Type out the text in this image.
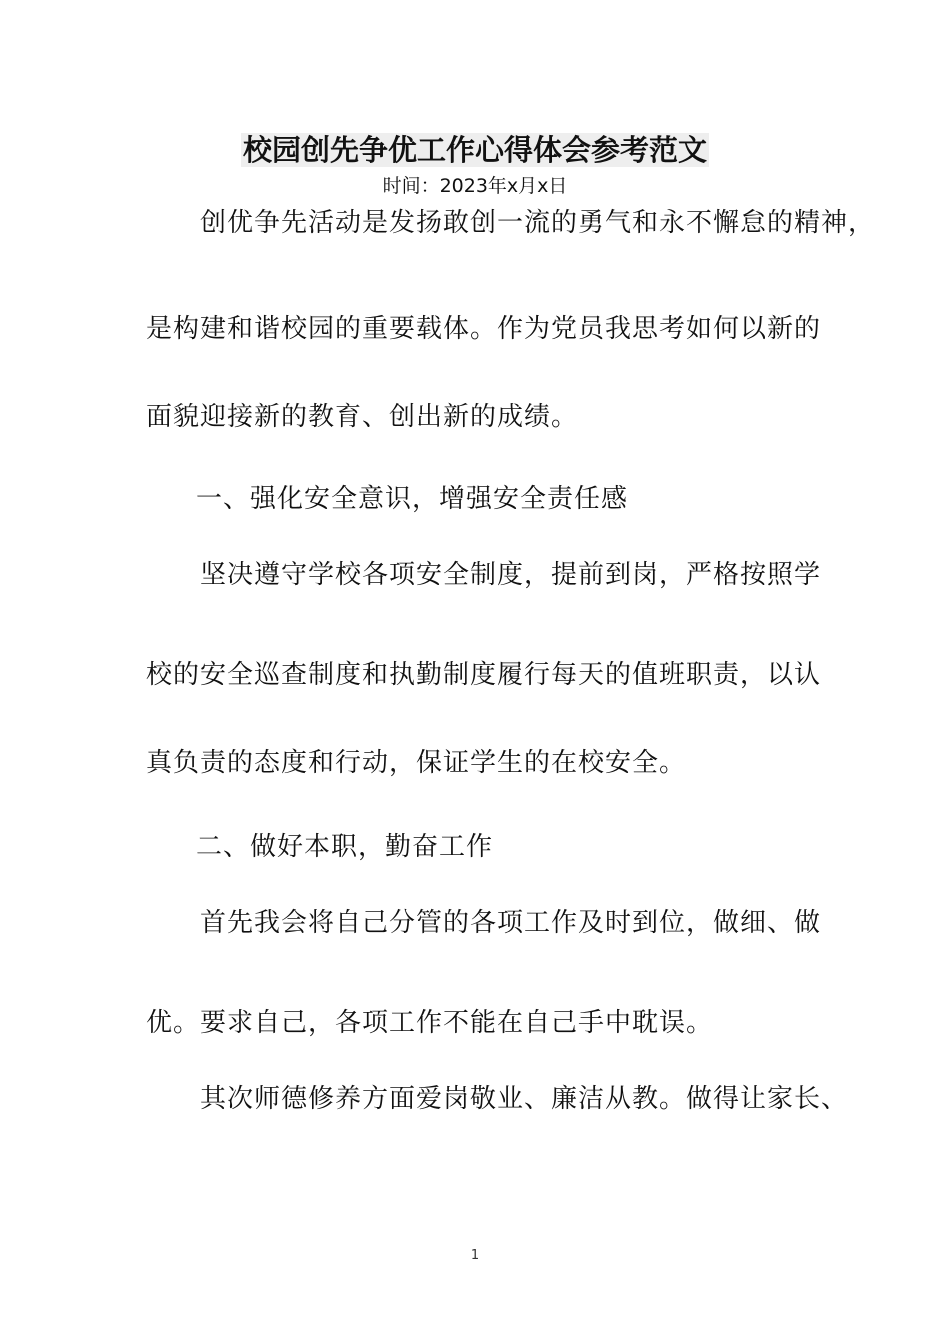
校园创先争优工作心得体会参考范文
时间：2023年x月x日
创优争先活动是发扬敢创一流的勇气和永不懈怠的精神，
是构建和谐校园的重要载体。作为党员我思考如何以新的
面貌迎接新的教育、创出新的成绩。
一、强化安全意识，增强安全责任感
坚决遵守学校各项安全制度，提前到岗，严格按照学
校的安全巡查制度和执勤制度履行每天的值班职责，以认
真负责的态度和行动，保证学生的在校安全。
二、做好本职，勤奋工作
首先我会将自己分管的各项工作及时到位，做细、做
优。要求自己，各项工作不能在自己手中耽误。
其次师德修养方面爱岗敬业、廉洁从教。做得让家长、
1
